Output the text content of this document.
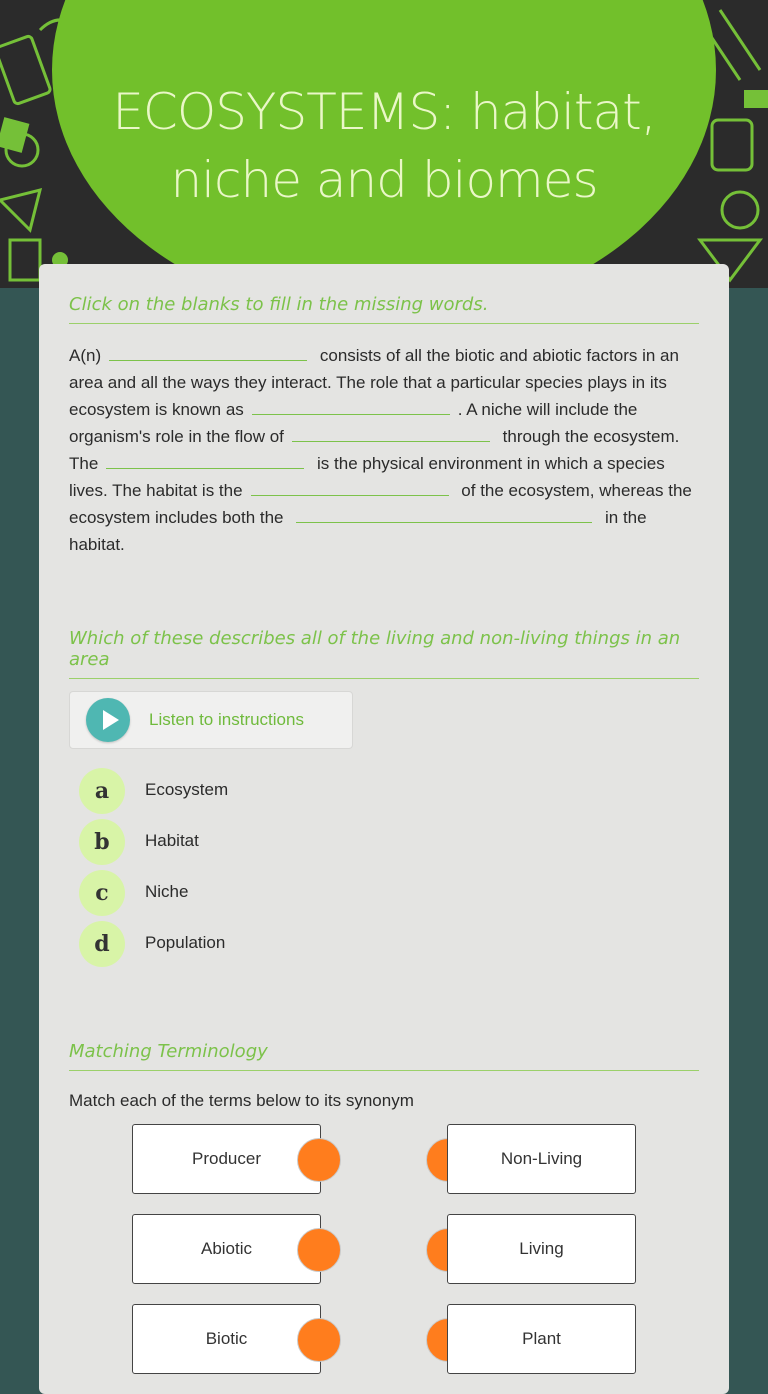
ECOSYSTEMS: habitat, niche and biomes
Click on the blanks to fill in the missing words.
A(n)	consists of all the biotic and abiotic factors in an area and all the ways they interact. The role that a particular species plays in its ecosystem is known as	. A niche will include the organism's role in the flow of	through the ecosystem. The	is the physical environment in which a species lives. The habitat is the	of the ecosystem, whereas the ecosystem includes both the	in the habitat.
Which of these describes all of the living and non-living things in an area
Listen to instructions
a	Ecosystem
b	Habitat
c	Niche
d	Population
Matching Terminology
Match each of the terms below to its synonym
Producer	Non-Living
Abiotic	Living
Biotic	Plant
